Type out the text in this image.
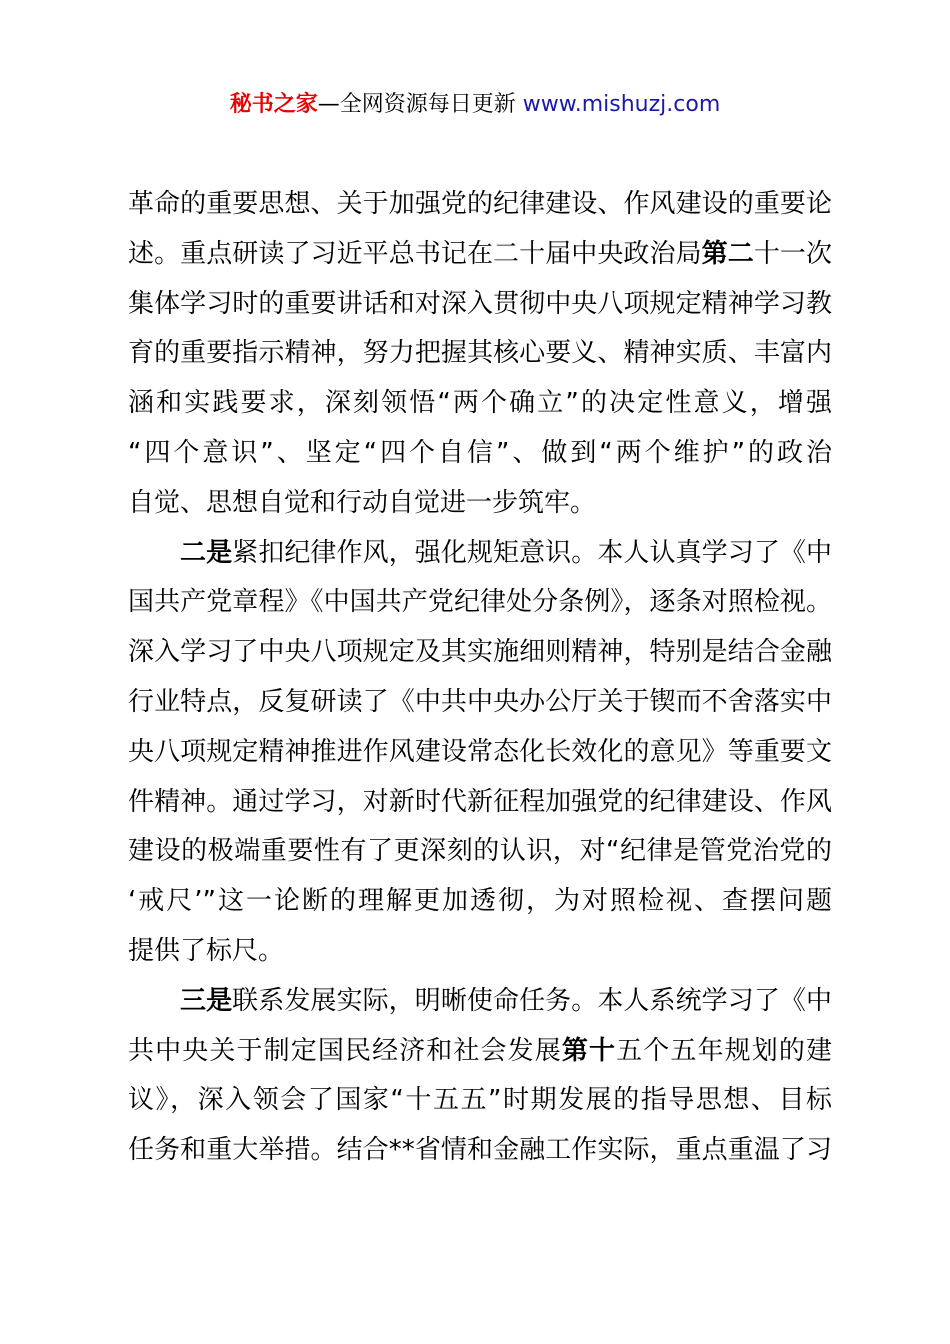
秘书之家—全网资源每日更新 www.mishuzj.com
革命的重要思想、关于加强党的纪律建设、作风建设的重要论
述。重点研读了习近平总书记在二十届中央政治局第二十一次
集体学习时的重要讲话和对深入贯彻中央八项规定精神学习教
育的重要指示精神，努力把握其核心要义、精神实质、丰富内
涵和实践要求，深刻领悟“两个确立”的决定性意义，增强
“四个意识”、坚定“四个自信”、做到“两个维护”的政治
自觉、思想自觉和行动自觉进一步筑牢。
二是紧扣纪律作风，强化规矩意识。本人认真学习了《中
国共产党章程》《中国共产党纪律处分条例》，逐条对照检视。
深入学习了中央八项规定及其实施细则精神，特别是结合金融
行业特点，反复研读了《中共中央办公厅关于锲而不舍落实中
央八项规定精神推进作风建设常态化长效化的意见》等重要文
件精神。通过学习，对新时代新征程加强党的纪律建设、作风
建设的极端重要性有了更深刻的认识，对“纪律是管党治党的
‘戒尺’”这一论断的理解更加透彻，为对照检视、查摆问题
提供了标尺。
三是联系发展实际，明晰使命任务。本人系统学习了《中
共中央关于制定国民经济和社会发展第十五个五年规划的建
议》，深入领会了国家“十五五”时期发展的指导思想、目标
任务和重大举措。结合**省情和金融工作实际，重点重温了习
